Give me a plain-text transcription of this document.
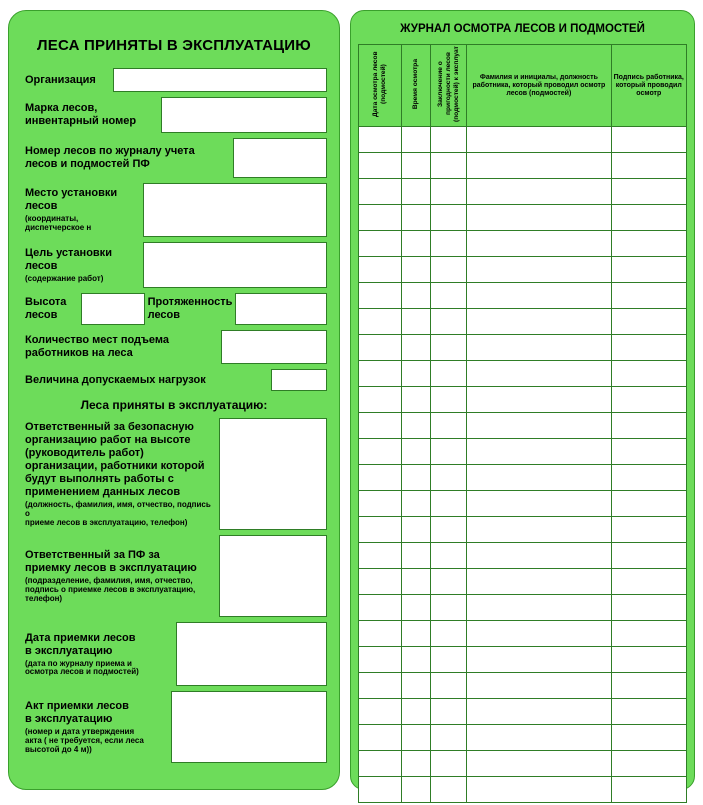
ЛЕСА ПРИНЯТЫ В ЭКСПЛУАТАЦИЮ
Организация
Марка лесов,
инвентарный номер
Номер лесов по журналу учета
лесов и подмостей ПФ
Место установки
лесов
(координаты, диспетчерское н
Цель установки
лесов
(содержание работ)
Высота
лесов
Протяженность
лесов
Количество мест подъема
работников на леса
Величина допускаемых нагрузок
Леса приняты в эксплуатацию:
Ответственный за безопасную
организацию работ на высоте
(руководитель работ)
организации, работники которой
будут выполнять работы с
применением данных лесов
(должность, фамилия, имя, отчество, подпись о
приеме лесов в эксплуатацию, телефон)
Ответственный за ПФ за
приемку лесов в эксплуатацию
(подразделение, фамилия, имя, отчество,
подпись о приемке лесов в эксплуатацию,
телефон)
Дата приемки лесов
в эксплуатацию
(дата по журналу приема и
осмотра лесов и подмостей)
Акт приемки лесов
в эксплуатацию
(номер и дата утверждения
акта ( не требуется, если леса
высотой до 4 м))
ЖУРНАЛ ОСМОТРА ЛЕСОВ И ПОДМОСТЕЙ
Дата осмотра лесов (подмостей)	Время осмотра	Заключение о пригодности лесов (подмостей) к эксплуат	Фамилия и инициалы, должность работника, который проводил осмотр лесов (подмостей)	Подпись работника, который проводил осмотр
